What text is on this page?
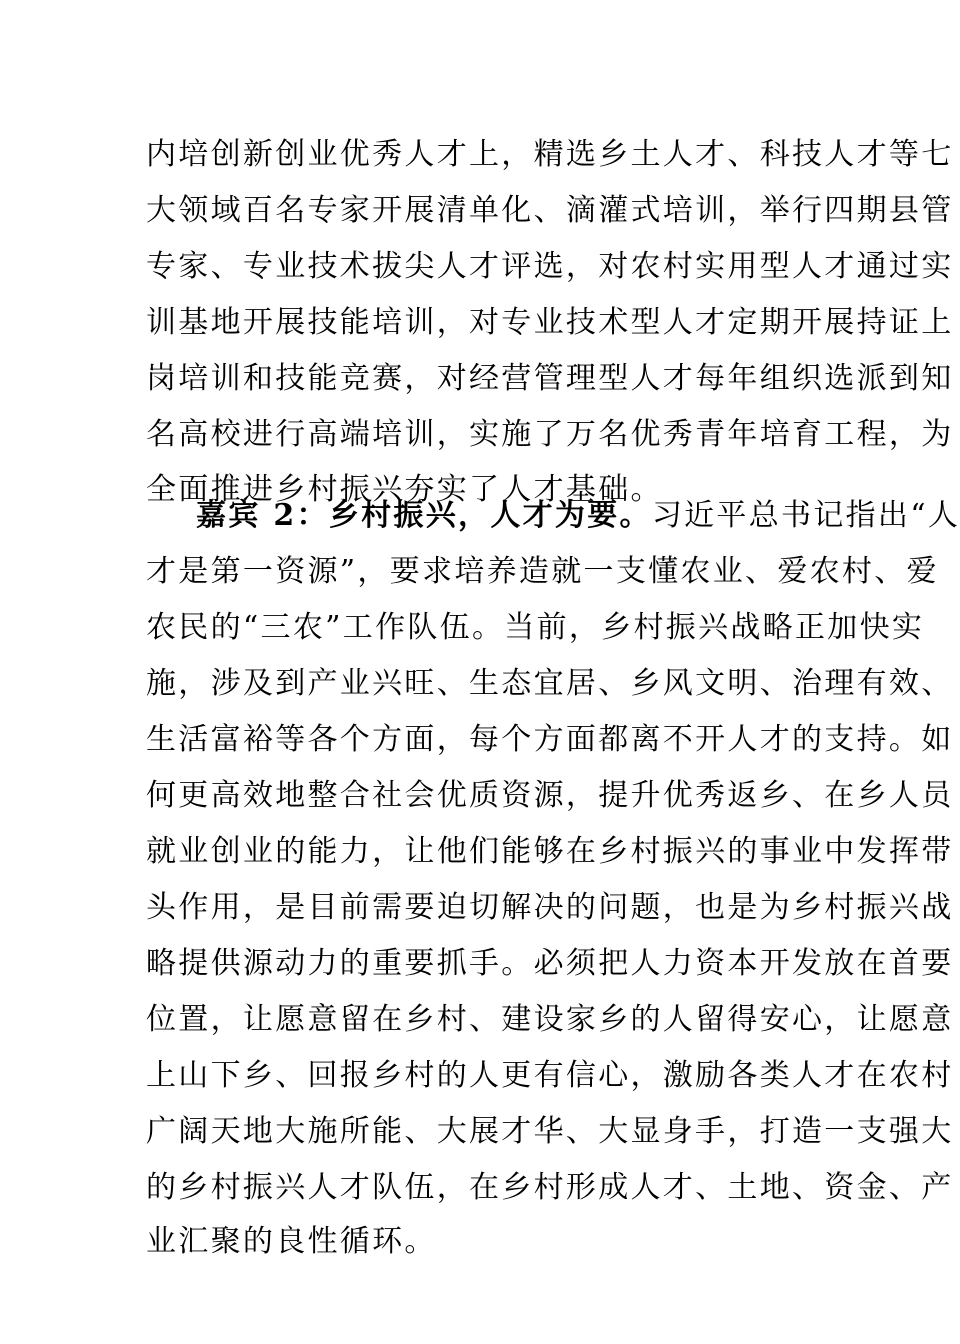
内培创新创业优秀人才上，精选乡土人才、科技人才等七
大领域百名专家开展清单化、滴灌式培训，举行四期县管
专家、专业技术拔尖人才评选，对农村实用型人才通过实
训基地开展技能培训，对专业技术型人才定期开展持证上
岗培训和技能竞赛，对经营管理型人才每年组织选派到知
名高校进行高端培训，实施了万名优秀青年培育工程，为
全面推进乡村振兴夯实了人才基础。
嘉宾 2：乡村振兴，人才为要。习近平总书记指出“人
才是第一资源”，要求培养造就一支懂农业、爱农村、爱
农民的“三农”工作队伍。当前，乡村振兴战略正加快实
施，涉及到产业兴旺、生态宜居、乡风文明、治理有效、
生活富裕等各个方面，每个方面都离不开人才的支持。如
何更高效地整合社会优质资源，提升优秀返乡、在乡人员
就业创业的能力，让他们能够在乡村振兴的事业中发挥带
头作用，是目前需要迫切解决的问题，也是为乡村振兴战
略提供源动力的重要抓手。必须把人力资本开发放在首要
位置，让愿意留在乡村、建设家乡的人留得安心，让愿意
上山下乡、回报乡村的人更有信心，激励各类人才在农村
广阔天地大施所能、大展才华、大显身手，打造一支强大
的乡村振兴人才队伍，在乡村形成人才、土地、资金、产
业汇聚的良性循环。
